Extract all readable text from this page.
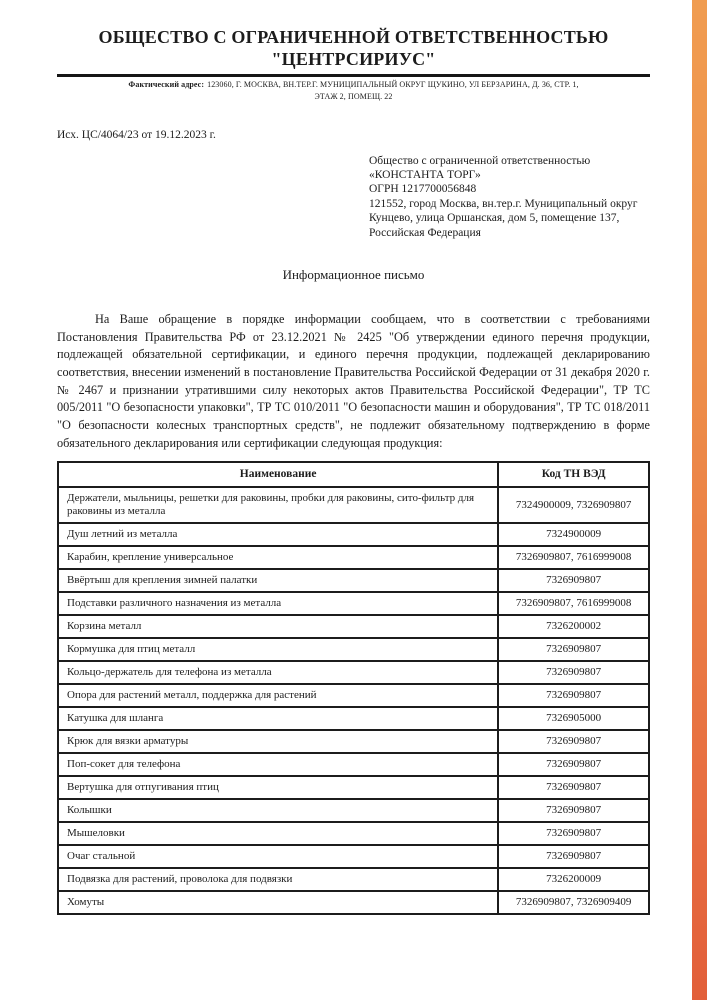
ОБЩЕСТВО С ОГРАНИЧЕННОЙ ОТВЕТСТВЕННОСТЬЮ
"ЦЕНТРСИРИУС"
Фактический адрес: 123060, Г. МОСКВА, ВН.ТЕР.Г. МУНИЦИПАЛЬНЫЙ ОКРУГ ЩУКИНО, УЛ БЕРЗАРИНА, Д. 36, СТР. 1,
ЭТАЖ 2, ПОМЕЩ. 22
Исх. ЦС/4064/23 от 19.12.2023 г.
Общество с ограниченной ответственностью
«КОНСТАНТА ТОРГ»
ОГРН 1217700056848
121552, город Москва, вн.тер.г. Муниципальный округ
Кунцево, улица Оршанская, дом 5, помещение 137,
Российская Федерация
Информационное письмо
На Ваше обращение в порядке информации сообщаем, что в соответствии с требованиями Постановления Правительства РФ от 23.12.2021 № 2425 "Об утверждении единого перечня продукции, подлежащей обязательной сертификации, и единого перечня продукции, подлежащей декларированию соответствия, внесении изменений в постановление Правительства Российской Федерации от 31 декабря 2020 г. № 2467 и признании утратившими силу некоторых актов Правительства Российской Федерации", ТР ТС 005/2011 "О безопасности упаковки", ТР ТС 010/2011 "О безопасности машин и оборудования", ТР ТС 018/2011 "О безопасности колесных транспортных средств", не подлежит обязательному подтверждению в форме обязательного декларирования или сертификации следующая продукция:
Наименование	Код ТН ВЭД
Держатели, мыльницы, решетки для раковины, пробки для раковины, сито-фильтр для раковины из металла	7324900009, 7326909807
Душ летний из металла	7324900009
Карабин, крепление универсальное	7326909807, 7616999008
Ввёртыш для крепления зимней палатки	7326909807
Подставки различного назначения из металла	7326909807, 7616999008
Корзина металл	7326200002
Кормушка для птиц металл	7326909807
Кольцо-держатель для телефона из металла	7326909807
Опора для растений металл, поддержка для растений	7326909807
Катушка для шланга	7326905000
Крюк для вязки арматуры	7326909807
Поп-сокет для телефона	7326909807
Вертушка для отпугивания птиц	7326909807
Колышки	7326909807
Мышеловки	7326909807
Очаг стальной	7326909807
Подвязка для растений, проволока для подвязки	7326200009
Хомуты	7326909807, 7326909409
